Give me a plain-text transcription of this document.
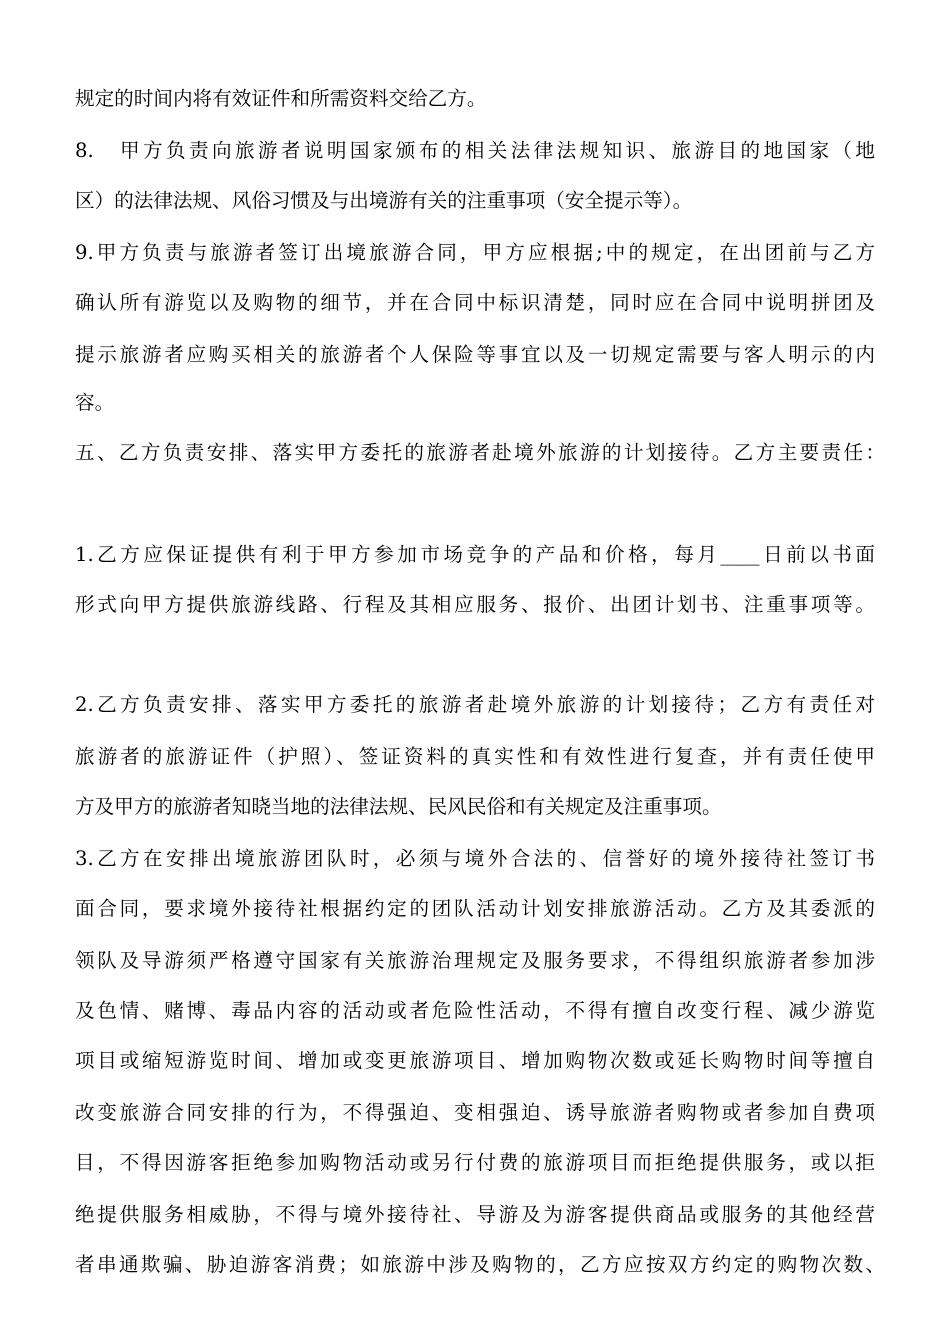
规定的时间内将有效证件和所需资料交给乙方。
8.　甲方负责向旅游者说明国家颁布的相关法律法规知识、旅游目的地国家（地
区）的法律法规、风俗习惯及与出境游有关的注重事项（安全提示等）。
9.甲方负责与旅游者签订出境旅游合同，甲方应根据;中的规定，在出团前与乙方
确认所有游览以及购物的细节，并在合同中标识清楚，同时应在合同中说明拼团及
提示旅游者应购买相关的旅游者个人保险等事宜以及一切规定需要与客人明示的内
容。
五、乙方负责安排、落实甲方委托的旅游者赴境外旅游的计划接待。乙方主要责任：
1.乙方应保证提供有利于甲方参加市场竞争的产品和价格，每月____日前以书面
形式向甲方提供旅游线路、行程及其相应服务、报价、出团计划书、注重事项等。
2.乙方负责安排、落实甲方委托的旅游者赴境外旅游的计划接待；乙方有责任对
旅游者的旅游证件（护照）、签证资料的真实性和有效性进行复查，并有责任使甲
方及甲方的旅游者知晓当地的法律法规、民风民俗和有关规定及注重事项。
3.乙方在安排出境旅游团队时，必须与境外合法的、信誉好的境外接待社签订书
面合同，要求境外接待社根据约定的团队活动计划安排旅游活动。乙方及其委派的
领队及导游须严格遵守国家有关旅游治理规定及服务要求，不得组织旅游者参加涉
及色情、赌博、毒品内容的活动或者危险性活动，不得有擅自改变行程、减少游览
项目或缩短游览时间、增加或变更旅游项目、增加购物次数或延长购物时间等擅自
改变旅游合同安排的行为，不得强迫、变相强迫、诱导旅游者购物或者参加自费项
目，不得因游客拒绝参加购物活动或另行付费的旅游项目而拒绝提供服务，或以拒
绝提供服务相威胁，不得与境外接待社、导游及为游客提供商品或服务的其他经营
者串通欺骗、胁迫游客消费；如旅游中涉及购物的，乙方应按双方约定的购物次数、
